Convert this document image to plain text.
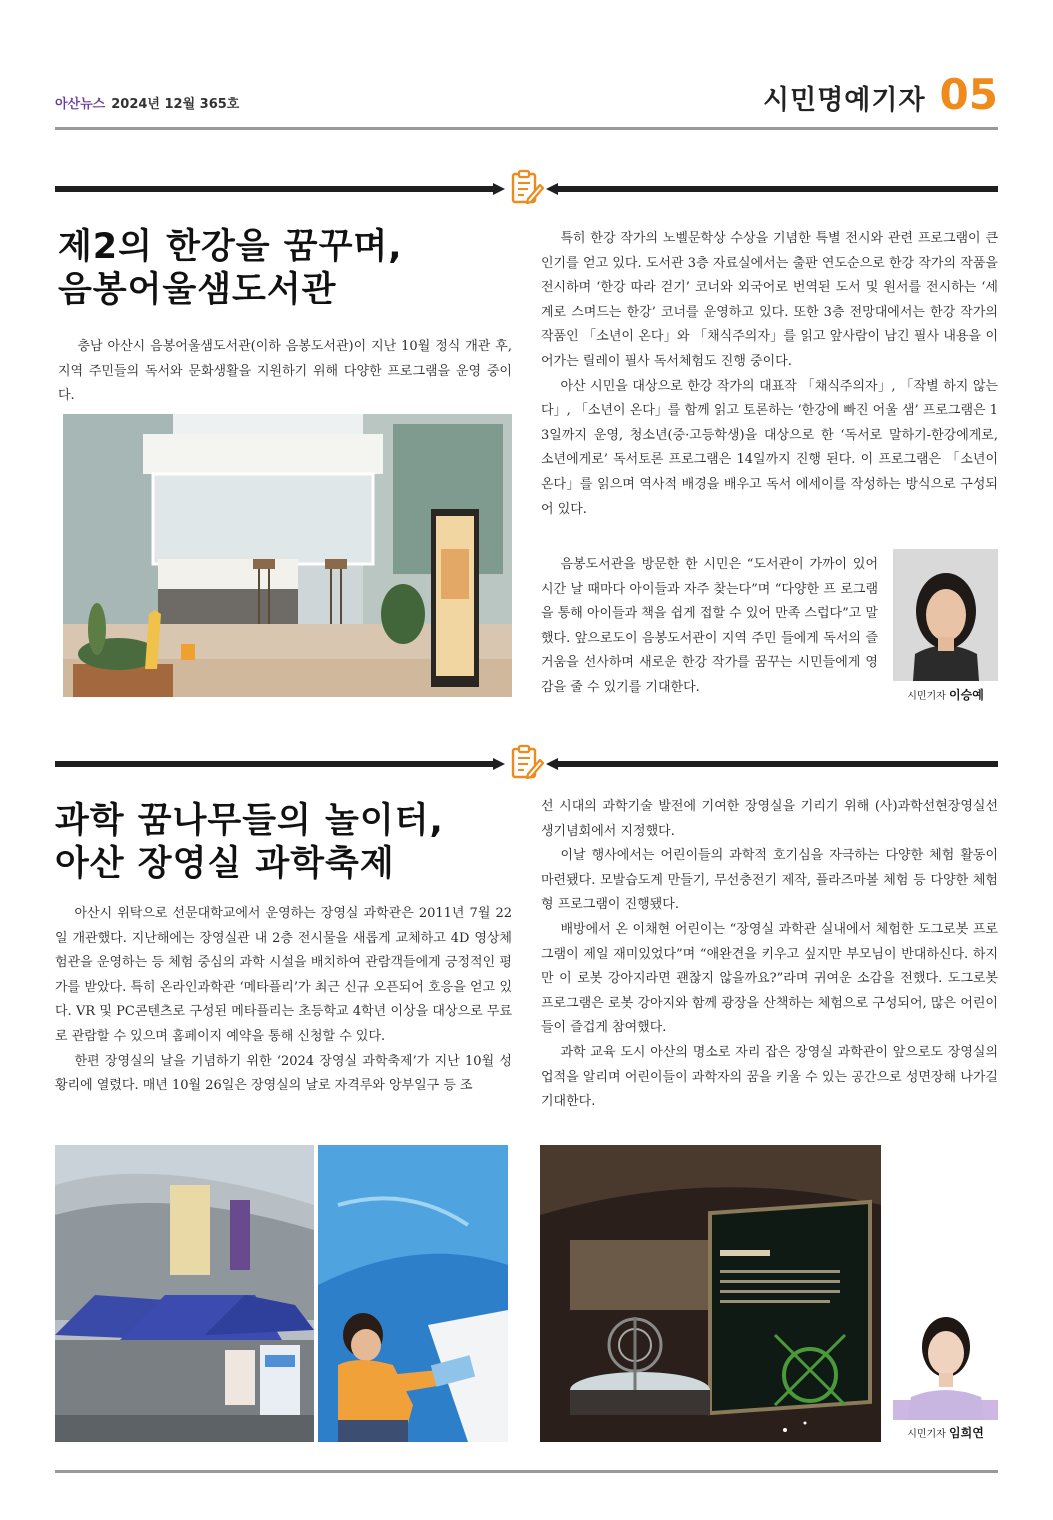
아산뉴스 2024년 12월 365호	시민명예기자 05
제2의 한강을 꿈꾸며,
음봉어울샘도서관

충남 아산시 음봉어울샘도서관(이하 음봉도서관)이 지난 10월 정식 개관 후, 지역 주민들의 독서와 문화생활을 지원하기 위해 다양한 프로그램을 운영 중이다.

특히 한강 작가의 노벨문학상 수상을 기념한 특별 전시와 관련 프로그램이 큰 인기를 얻고 있다. 도서관 3층 자료실에서는 출판 연도순으로 한강 작가의 작품을 전시하며 ‘한강 따라 걷기’ 코너와 외국어로 번역된 도서 및 원서를 전시하는 ‘세계로 스며드는 한강’ 코너를 운영하고 있다. 또한 3층 전망대에서는 한강 작가의 작품인 「소년이 온다」와 「채식주의자」를 읽고 앞사람이 남긴 필사 내용을 이어가는 릴레이 필사 독서체험도 진행 중이다.

아산 시민을 대상으로 한강 작가의 대표작 「채식주의자」, 「작별 하지 않는다」, 「소년이 온다」를 함께 읽고 토론하는 ‘한강에 빠진 어울 샘’ 프로그램은 13일까지 운영, 청소년(중·고등학생)을 대상으로 한 ‘독서로 말하기-한강에게로, 소년에게로’ 독서토론 프로그램은 14일까지 진행 된다. 이 프로그램은 「소년이 온다」를 읽으며 역사적 배경을 배우고 독서 에세이를 작성하는 방식으로 구성되어 있다.

음봉도서관을 방문한 한 시민은 “도서관이 가까이 있어 시간 날 때마다 아이들과 자주 찾는다”며 “다양한 프 로그램을 통해 아이들과 책을 쉽게 접할 수 있어 만족 스럽다”고 말했다. 앞으로도이 음봉도서관이 지역 주민 들에게 독서의 즐거움을 선사하며 새로운 한강 작가를 꿈꾸는 시민들에게 영감을 줄 수 있기를 기대한다.

시민기자 이승예
과학 꿈나무들의 놀이터,
아산 장영실 과학축제

아산시 위탁으로 선문대학교에서 운영하는 장영실 과학관은 2011년 7월 22일 개관했다. 지난해에는 장영실관 내 2층 전시물을 새롭게 교체하고 4D 영상체험관을 운영하는 등 체험 중심의 과학 시설을 배치하여 관람객들에게 긍정적인 평가를 받았다. 특히 온라인과학관 ‘메타플리’가 최근 신규 오픈되어 호응을 얻고 있다. VR 및 PC콘텐츠로 구성된 메타플리는 초등학교 4학년 이상을 대상으로 무료로 관람할 수 있으며 홈페이지 예약을 통해 신청할 수 있다.

한편 장영실의 날을 기념하기 위한 ‘2024 장영실 과학축제’가 지난 10월 성황리에 열렸다. 매년 10월 26일은 장영실의 날로 자격루와 앙부일구 등 조

선 시대의 과학기술 발전에 기여한 장영실을 기리기 위해 (사)과학선현장영실선생기념회에서 지정했다.

이날 행사에서는 어린이들의 과학적 호기심을 자극하는 다양한 체험 활동이 마련됐다. 모발습도계 만들기, 무선충전기 제작, 플라즈마볼 체험 등 다양한 체험형 프로그램이 진행됐다.

배방에서 온 이채현 어린이는 “장영실 과학관 실내에서 체험한 도그로봇 프로그램이 제일 재미있었다”며 “애완견을 키우고 싶지만 부모님이 반대하신다. 하지만 이 로봇 강아지라면 괜찮지 않을까요?”라며 귀여운 소감을 전했다. 도그로봇 프로그램은 로봇 강아지와 함께 광장을 산책하는 체험으로 구성되어, 많은 어린이들이 즐겁게 참여했다.

과학 교육 도시 아산의 명소로 자리 잡은 장영실 과학관이 앞으로도 장영실의 업적을 알리며 어린이들이 과학자의 꿈을 키울 수 있는 공간으로 성면장해 나가길 기대한다.

시민기자 임희연
